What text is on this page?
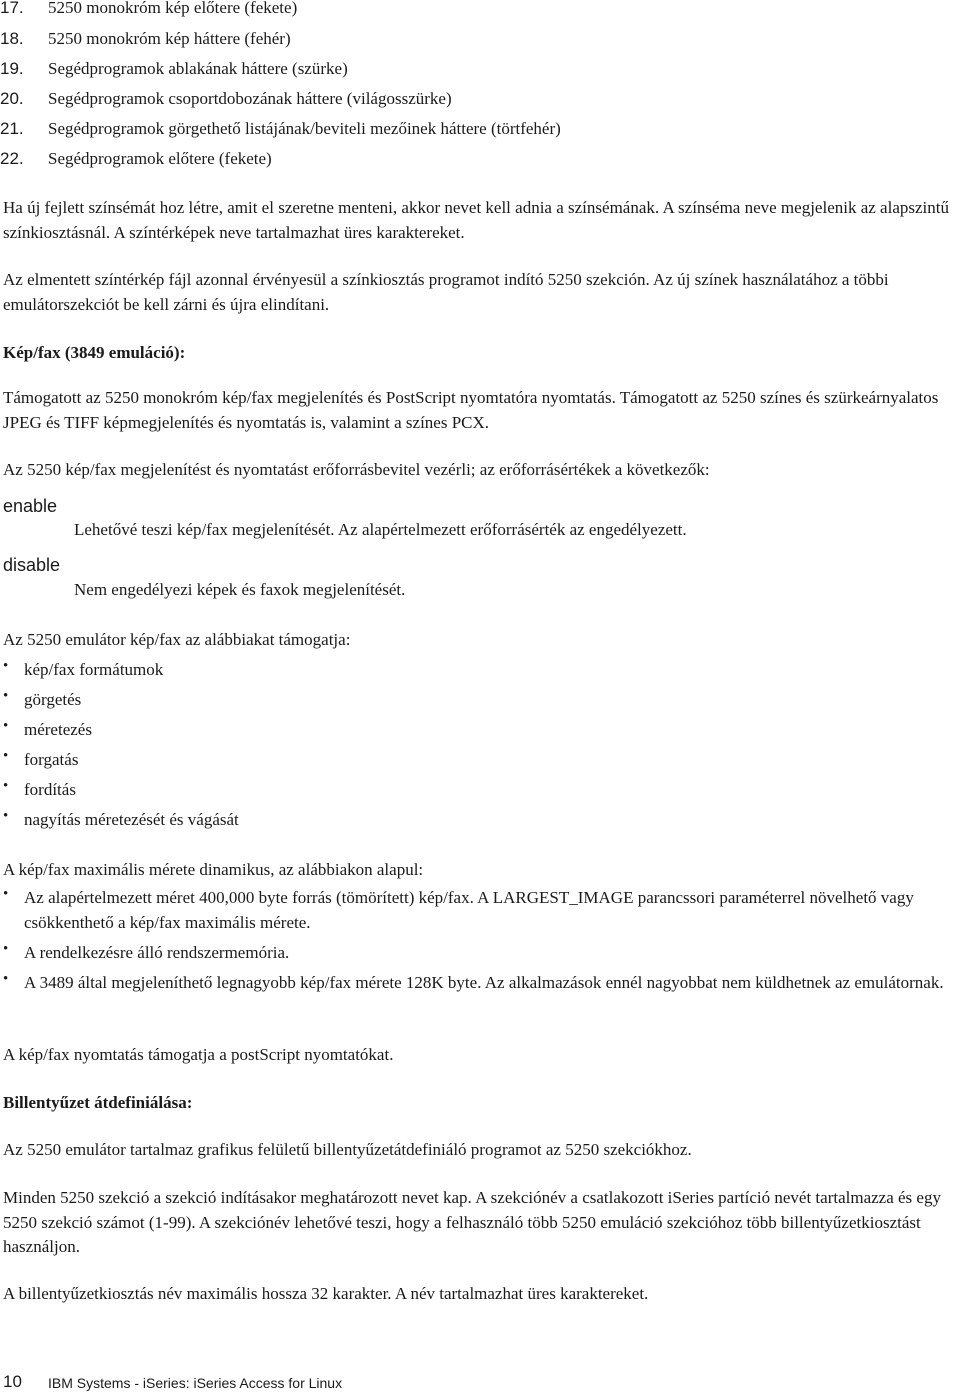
17. 5250 monokróm kép előtere (fekete)
18. 5250 monokróm kép háttere (fehér)
19. Segédprogramok ablakának háttere (szürke)
20. Segédprogramok csoportdobozának háttere (világosszürke)
21. Segédprogramok görgethető listájának/beviteli mezőinek háttere (törtfehér)
22. Segédprogramok előtere (fekete)

Ha új fejlett színsémát hoz létre, amit el szeretne menteni, akkor nevet kell adnia a színsémának. A színséma neve megjelenik az alapszintű színkiosztásnál. A színtérképek neve tartalmazhat üres karaktereket.

Az elmentett színtérkép fájl azonnal érvényesül a színkiosztás programot indító 5250 szekción. Az új színek használatához a többi emulátorszekciót be kell zárni és újra elindítani.

Kép/fax (3849 emuláció):

Támogatott az 5250 monokróm kép/fax megjelenítés és PostScript nyomtatóra nyomtatás. Támogatott az 5250 színes és szürkeárnyalatos JPEG és TIFF képmegjelenítés és nyomtatás is, valamint a színes PCX.

Az 5250 kép/fax megjelenítést és nyomtatást erőforrásbevitel vezérli; az erőforrásértékek a következők:

enable
Lehetővé teszi kép/fax megjelenítését. Az alapértelmezett erőforrásérték az engedélyezett.
disable
Nem engedélyezi képek és faxok megjelenítését.

Az 5250 emulátor kép/fax az alábbiakat támogatja:

• kép/fax formátumok
• görgetés
• méretezés
• forgatás
• fordítás
• nagyítás méretezését és vágását

A kép/fax maximális mérete dinamikus, az alábbiakon alapul:

• Az alapértelmezett méret 400,000 byte forrás (tömörített) kép/fax. A LARGEST_IMAGE parancssori paraméterrel növelhető vagy csökkenthető a kép/fax maximális mérete.
• A rendelkezésre álló rendszermemória.
• A 3489 által megjeleníthető legnagyobb kép/fax mérete 128K byte. Az alkalmazások ennél nagyobbat nem küldhetnek az emulátornak.

A kép/fax nyomtatás támogatja a postScript nyomtatókat.

Billentyűzet átdefiniálása:

Az 5250 emulátor tartalmaz grafikus felületű billentyűzetátdefiniáló programot az 5250 szekciókhoz.

Minden 5250 szekció a szekció indításakor meghatározott nevet kap. A szekciónév a csatlakozott iSeries partíció nevét tartalmazza és egy 5250 szekció számot (1-99). A szekciónév lehetővé teszi, hogy a felhasználó több 5250 emuláció szekcióhoz több billentyűzetkiosztást használjon.

A billentyűzetkiosztás név maximális hossza 32 karakter. A név tartalmazhat üres karaktereket.

10 IBM Systems - iSeries: iSeries Access for Linux
